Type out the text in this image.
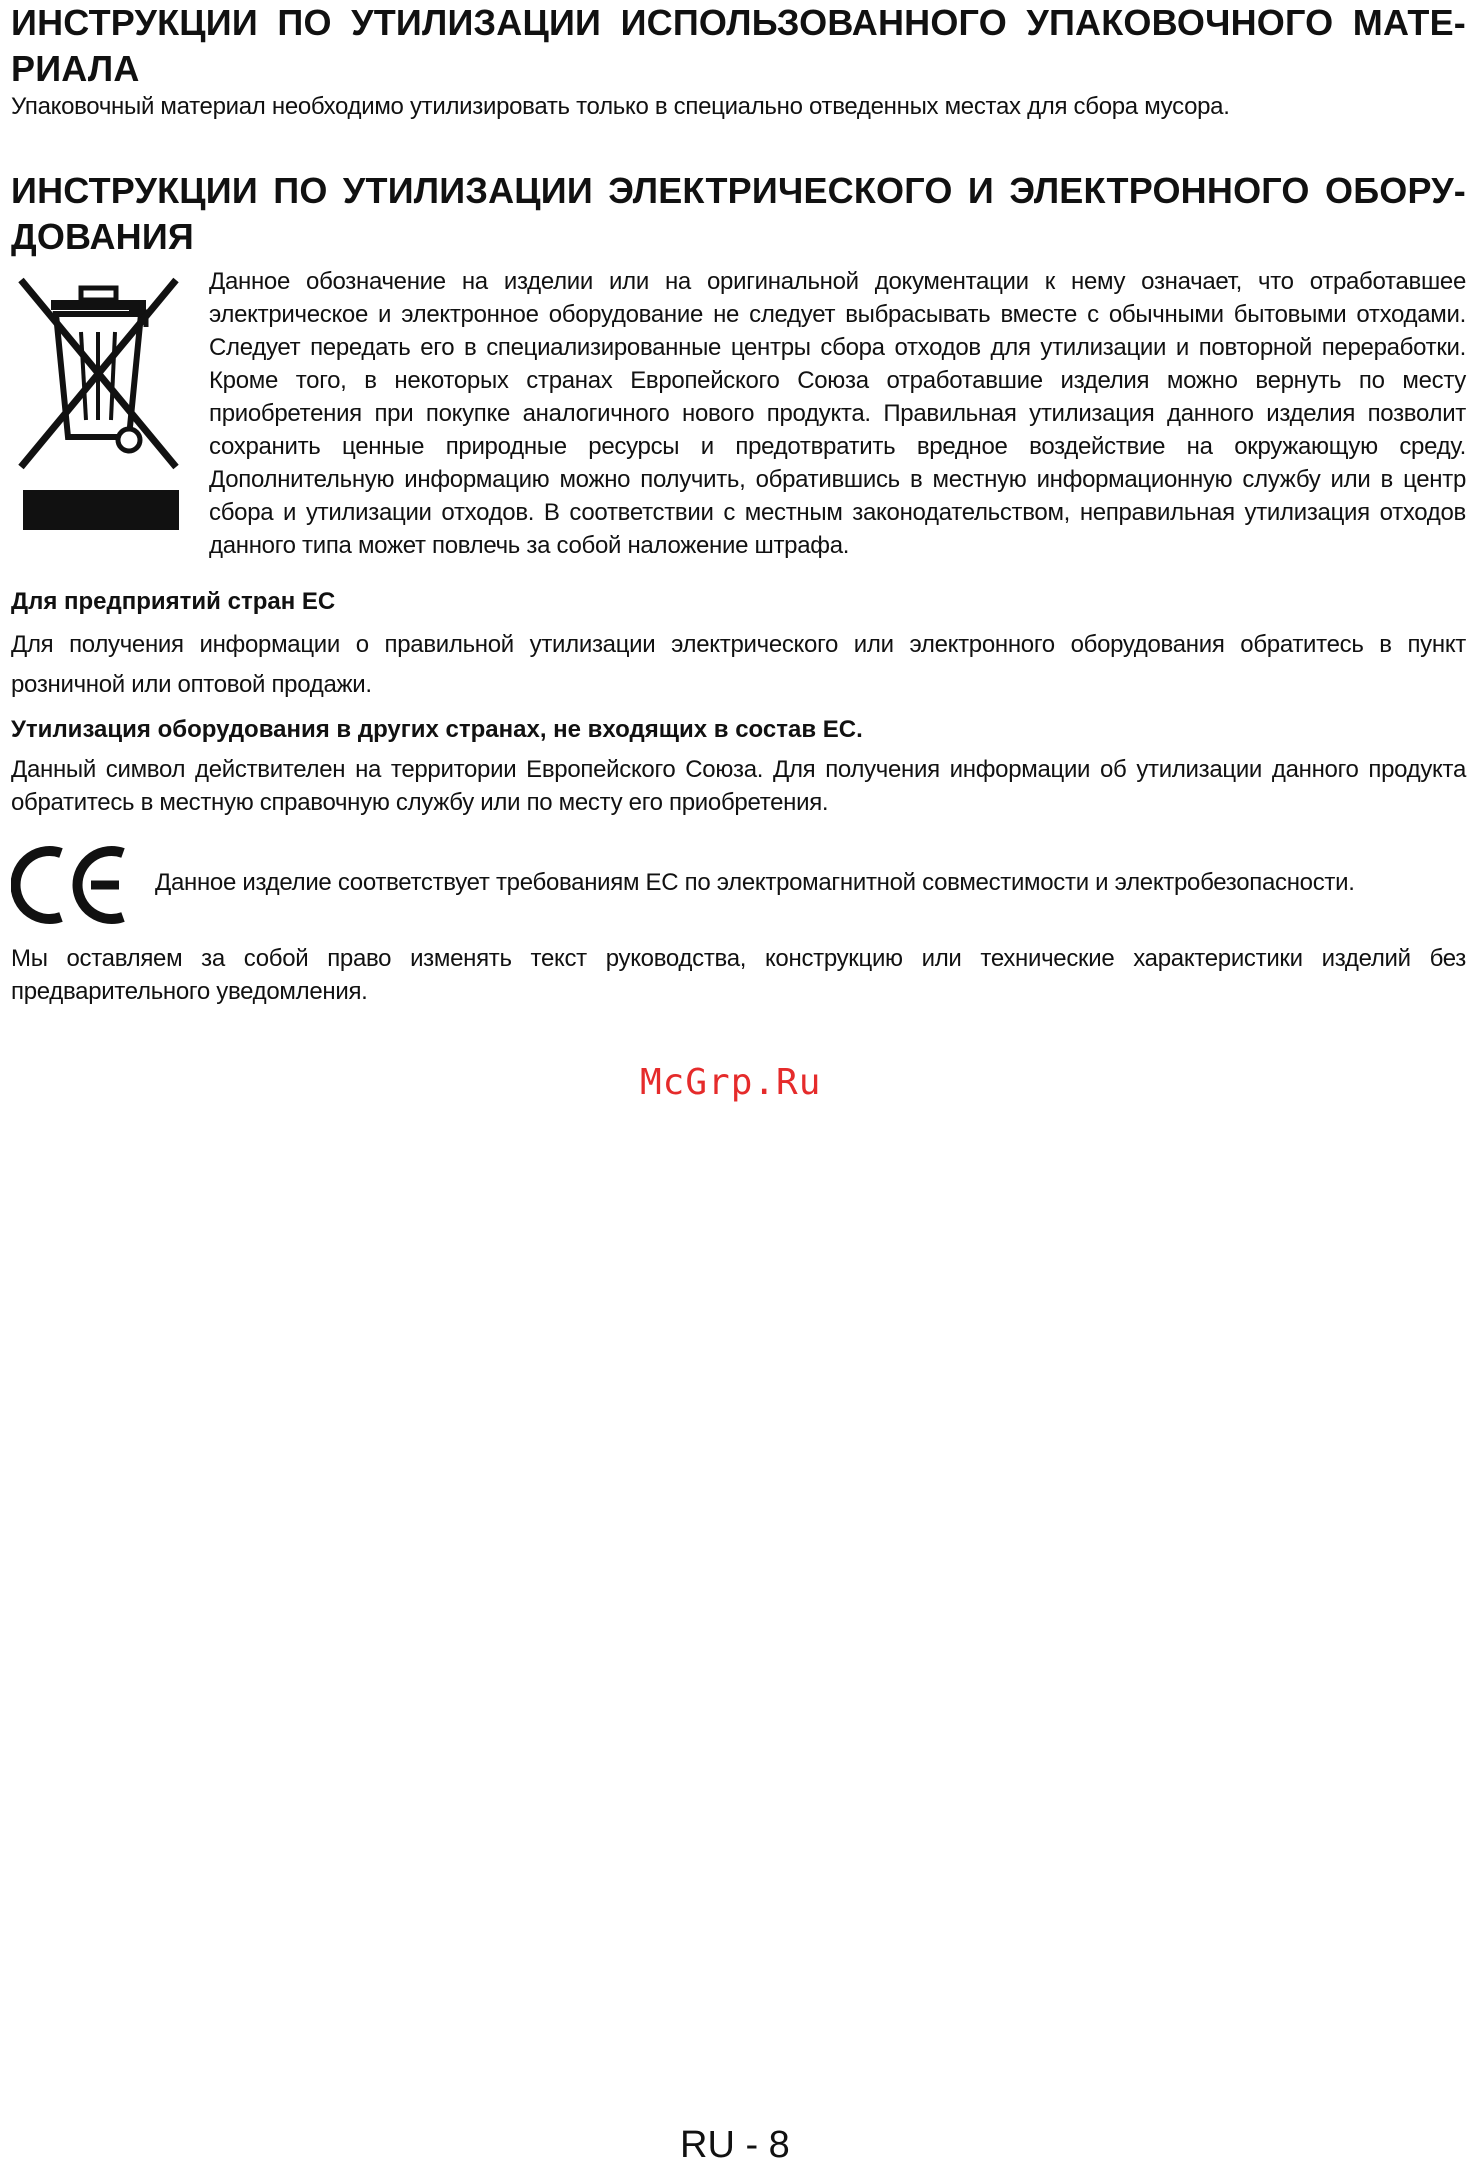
ИНСТРУКЦИИ ПО УТИЛИЗАЦИИ ИСПОЛЬЗОВАННОГО УПАКОВОЧНОГО МАТЕ-РИАЛА

Упаковочный материал необходимо утилизировать только в специально отведенных местах для сбора мусора.

ИНСТРУКЦИИ ПО УТИЛИЗАЦИИ ЭЛЕКТРИЧЕСКОГО И ЭЛЕКТРОННОГО ОБОРУ-ДОВАНИЯ

Данное обозначение на изделии или на оригинальной документации к нему означает, что отработавшее электрическое и электронное оборудование не следует выбрасывать вместе с обычными бытовыми отходами. Следует передать его в специализированные центры сбора отходов для утилизации и повторной переработки. Кроме того, в некоторых странах Европейского Союза отработавшие изделия можно вернуть по месту приобретения при покупке аналогичного нового продукта. Правильная утилизация данного изделия позволит сохранить ценные природные ресурсы и предотвратить вредное воздействие на окружающую среду. Дополнительную информацию можно получить, обратившись в местную информационную службу или в центр сбора и утилизации отходов. В соответствии с местным законодательством, неправильная утилизация отходов данного типа может повлечь за собой наложение штрафа.

Для предприятий стран ЕС

Для получения информации о правильной утилизации электрического или электронного оборудования обратитесь в пункт розничной или оптовой продажи.

Утилизация оборудования в других странах, не входящих в состав ЕС.

Данный символ действителен на территории Европейского Союза. Для получения информации об утилизации данного продукта обратитесь в местную справочную службу или по месту его приобретения.

Данное изделие соответствует требованиям ЕС по электромагнитной совместимости и электробезопасности.

Мы оставляем за собой право изменять текст руководства, конструкцию или технические характеристики изделий без предварительного уведомления.

McGrp.Ru
RU - 8
